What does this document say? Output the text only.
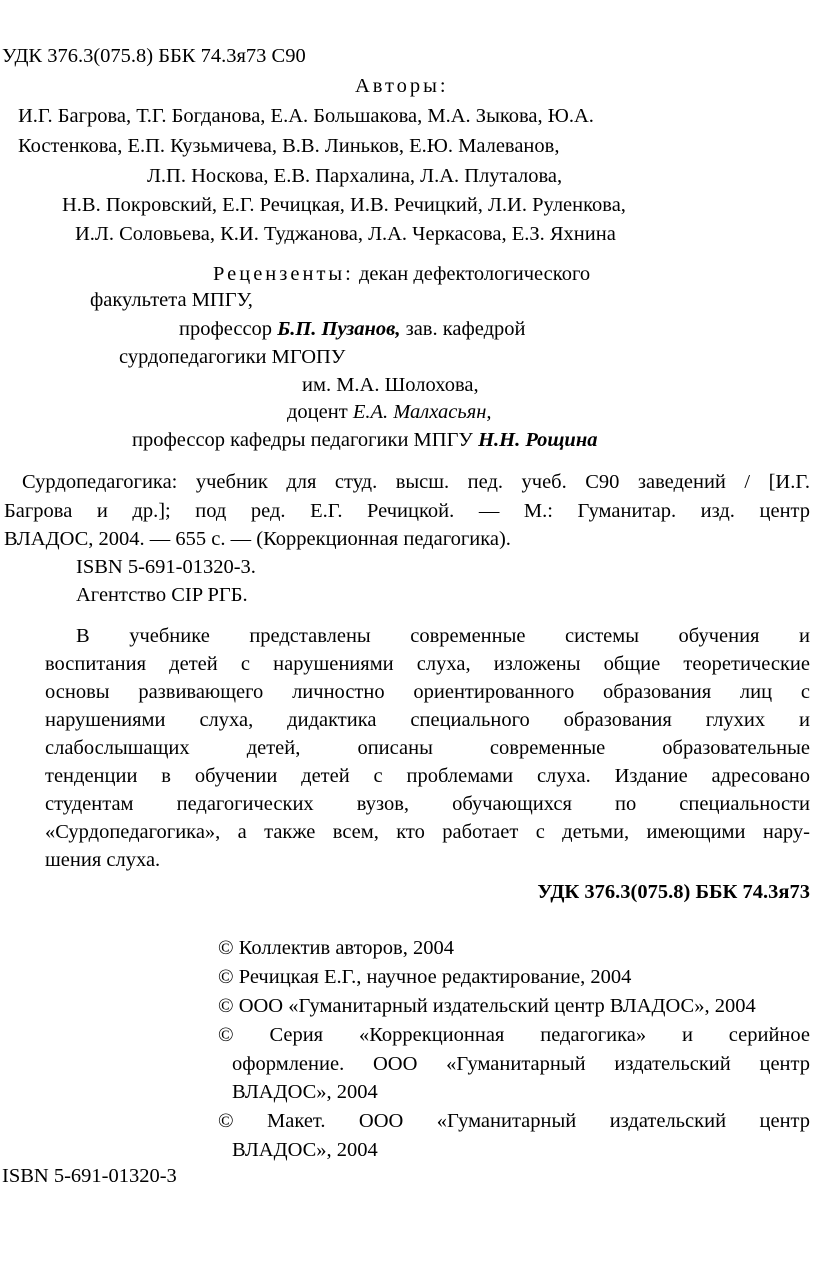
УДК 376.3(075.8) ББК 74.3я73 С90
Авторы:
И.Г. Багрова, Т.Г. Богданова, Е.А. Большакова, М.А. Зыкова, Ю.А.
Костенкова, Е.П. Кузьмичева, В.В. Линьков, Е.Ю. Малеванов,
Л.П. Носкова, Е.В. Пархалина, Л.А. Плуталова,
Н.В. Покровский, Е.Г. Речицкая, И.В. Речицкий, Л.И. Руленкова,
И.Л. Соловьева, К.И. Туджанова, Л.А. Черкасова, Е.З. Яхнина
Рецензенты: декан дефектологического
факультета МПГУ,
профессор Б.П. Пузанов, зав. кафедрой
сурдопедагогики МГОПУ
им. М.А. Шолохова,
доцент Е.А. Малхасьян,
профессор кафедры педагогики МПГУ Н.Н. Рощина
Сурдопедагогика: учебник для студ. высш. пед. учеб. С90 заведений / [И.Г.
Багрова и др.]; под ред. Е.Г. Речицкой. — М.: Гуманитар. изд. центр
ВЛАДОС, 2004. — 655 с. — (Коррекционная педагогика).
ISBN 5-691-01320-3.
Агентство CIP РГБ.
В учебнике представлены современные системы обучения и
воспитания детей с нарушениями слуха, изложены общие теоретические
основы развивающего личностно ориентированного образования лиц с
нарушениями слуха, дидактика специального образования глухих и
слабослышащих детей, описаны современные образовательные
тенденции в обучении детей с проблемами слуха. Издание адресовано
студентам педагогических вузов, обучающихся по специальности
«Сурдопедагогика», а также всем, кто работает с детьми, имеющими нару-
шения слуха.
УДК 376.3(075.8) ББК 74.3я73
© Коллектив авторов, 2004
© Речицкая Е.Г., научное редактирование, 2004
© ООО «Гуманитарный издательский центр ВЛАДОС», 2004
© Серия «Коррекционная педагогика» и серийное
оформление. ООО «Гуманитарный издательский центр
ВЛАДОС», 2004
© Макет. ООО «Гуманитарный издательский центр
ВЛАДОС», 2004
ISBN 5-691-01320-3
